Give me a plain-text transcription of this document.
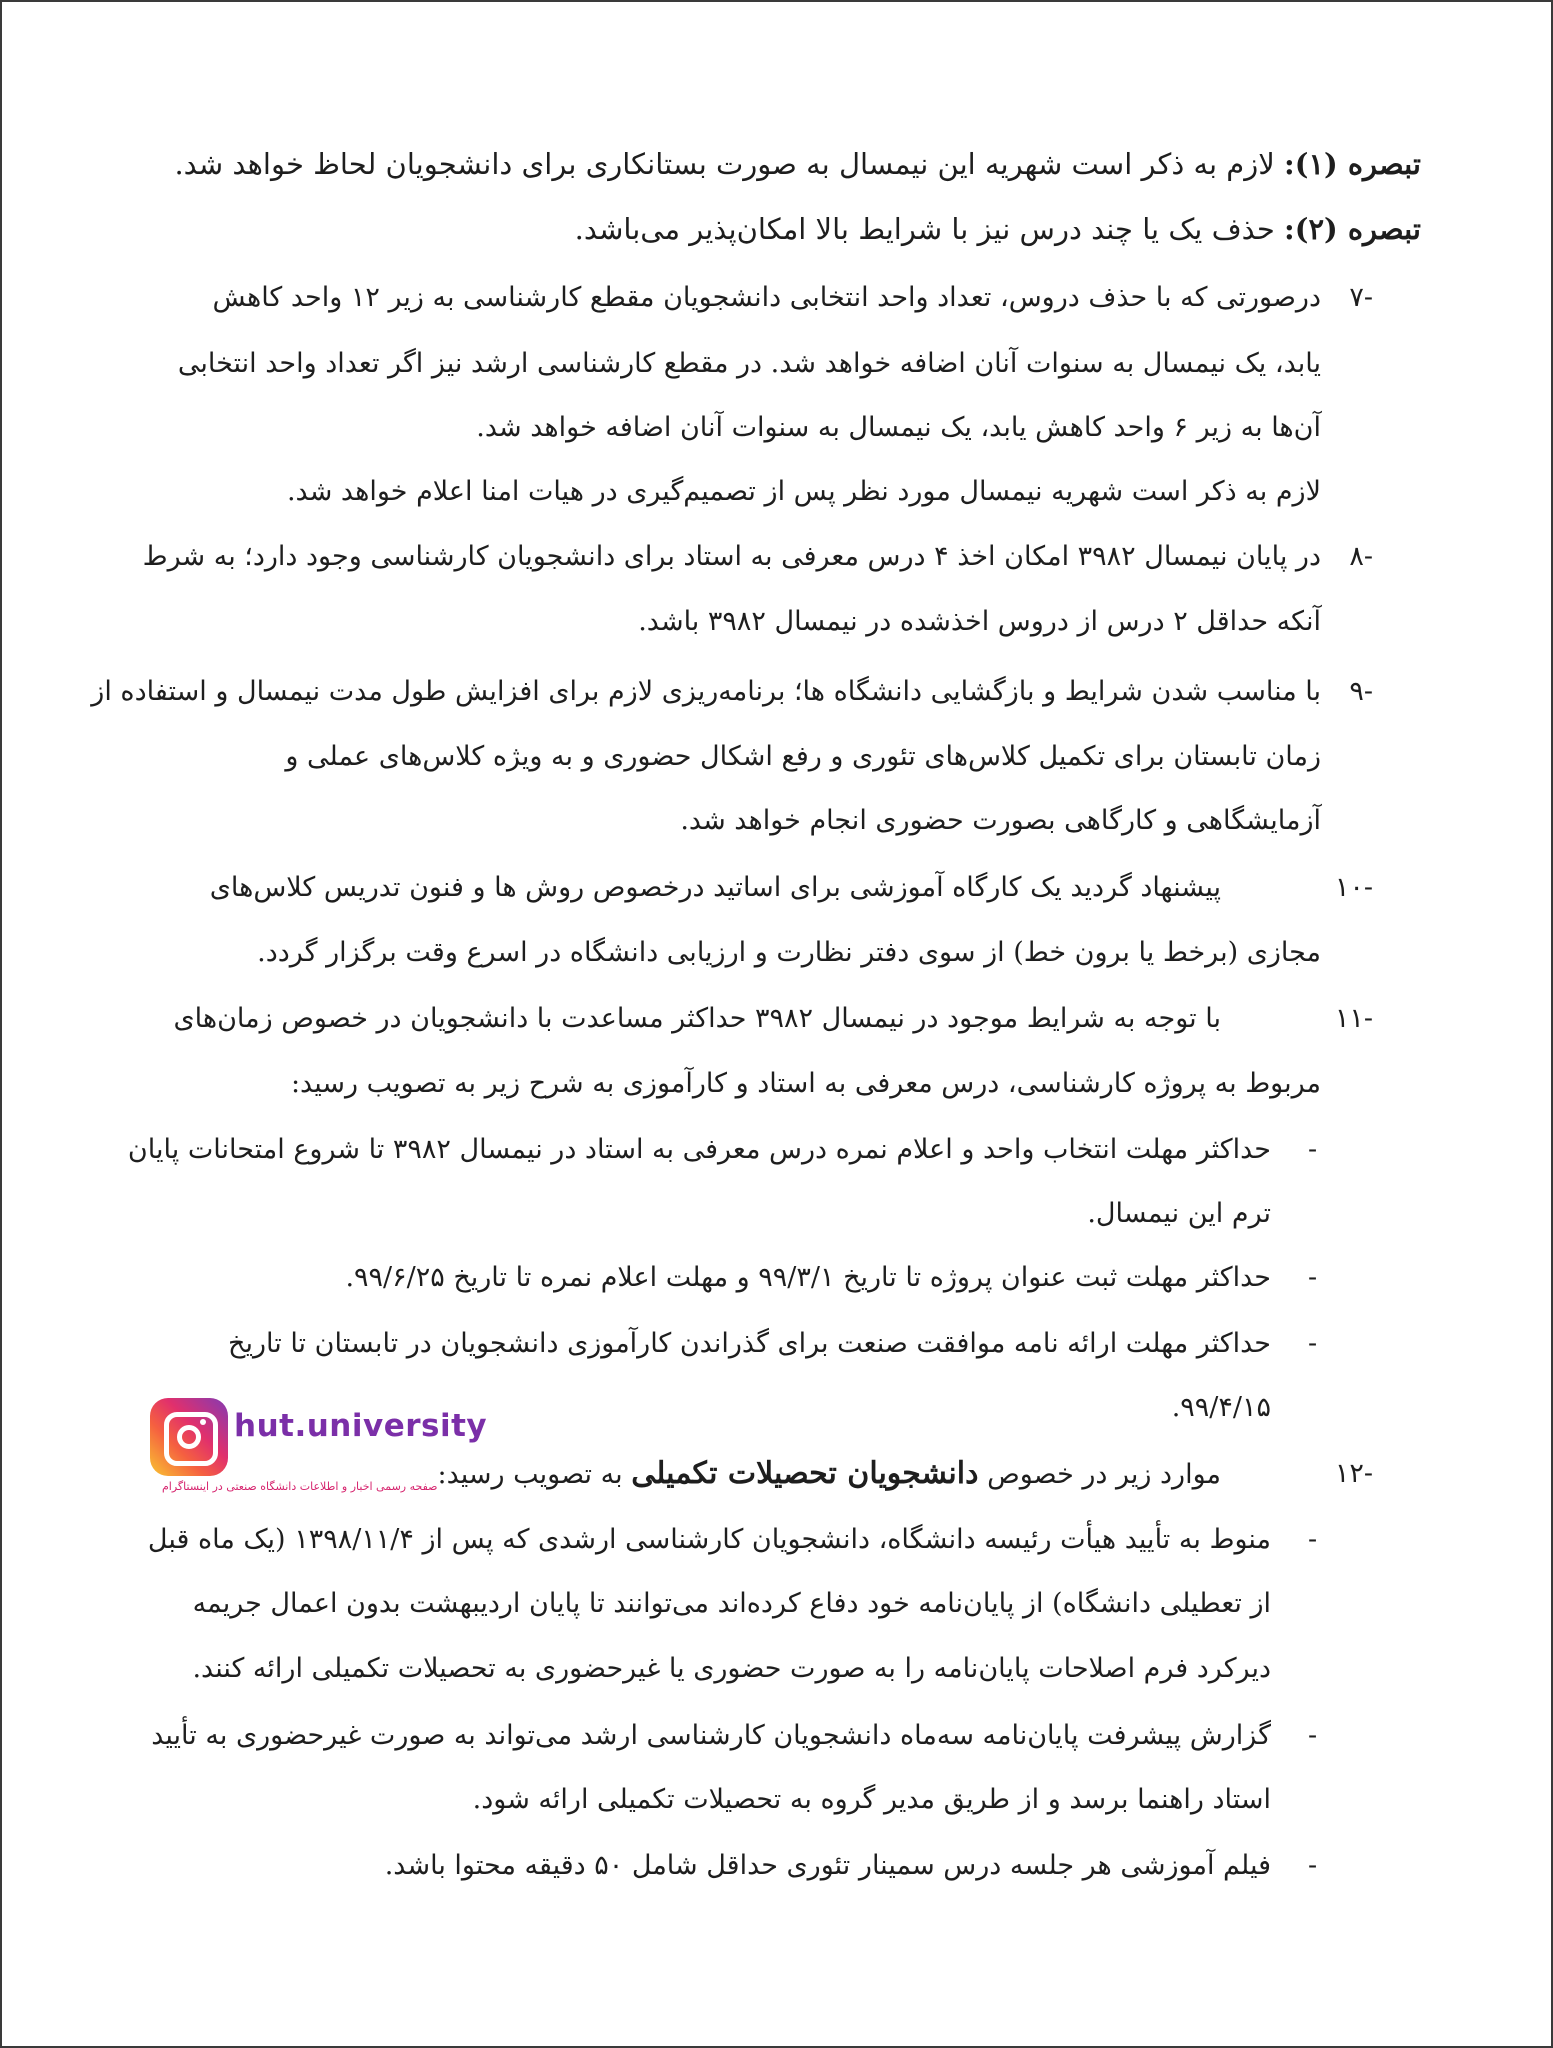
تبصره (۱): لازم به ذکر است شهریه این نیمسال به صورت بستانکاری برای دانشجویان لحاظ خواهد شد.
تبصره (۲): حذف یک یا چند درس نیز با شرایط بالا امکان‌پذیر می‌باشد.
-۷
درصورتی که با حذف دروس، تعداد واحد انتخابی دانشجویان مقطع کارشناسی به زیر ۱۲ واحد کاهش
یابد، یک نیمسال به سنوات آنان اضافه خواهد شد. در مقطع کارشناسی ارشد نیز اگر تعداد واحد انتخابی
آن‌ها به زیر ۶ واحد کاهش یابد، یک نیمسال به سنوات آنان اضافه خواهد شد.
لازم به ذکر است شهریه نیمسال مورد نظر پس از تصمیم‌گیری در هیات امنا اعلام خواهد شد.
-۸
در پایان نیمسال ۳۹۸۲ امکان اخذ ۴ درس معرفی به استاد برای دانشجویان کارشناسی وجود دارد؛ به شرط
آنکه حداقل ۲ درس از دروس اخذشده در نیمسال ۳۹۸۲ باشد.
-۹
با مناسب شدن شرایط و بازگشایی دانشگاه ها؛ برنامه‌ریزی لازم برای افزایش طول مدت نیمسال و استفاده از
زمان تابستان برای تکمیل کلاس‌های تئوری و رفع اشکال حضوری و به ویژه کلاس‌های عملی و
آزمایشگاهی و کارگاهی بصورت حضوری انجام خواهد شد.
-۱۰
پیشنهاد گردید یک کارگاه آموزشی برای اساتید درخصوص روش ها و فنون تدریس کلاس‌های
مجازی (برخط یا برون خط) از سوی دفتر نظارت و ارزیابی دانشگاه در اسرع وقت برگزار گردد.
-۱۱
با توجه به شرایط موجود در نیمسال ۳۹۸۲ حداکثر مساعدت با دانشجویان در خصوص زمان‌های
مربوط به پروژه کارشناسی، درس معرفی به استاد و کارآموزی به شرح زیر به تصویب رسید:
-
حداکثر مهلت انتخاب واحد و اعلام نمره درس معرفی به استاد در نیمسال ۳۹۸۲ تا شروع امتحانات پایان
ترم این نیمسال.
-
حداکثر مهلت ثبت عنوان پروژه تا تاریخ ۹۹/۳/۱ و مهلت اعلام نمره تا تاریخ ۹۹/۶/۲۵.
-
حداکثر مهلت ارائه نامه موافقت صنعت برای گذراندن کارآموزی دانشجویان در تابستان تا تاریخ
۹۹/۴/۱۵.
-۱۲
موارد زیر در خصوص دانشجویان تحصیلات تکمیلی به تصویب رسید:
-
منوط به تأیید هیأت رئیسه دانشگاه، دانشجویان کارشناسی ارشدی که پس از ۱۳۹۸/۱۱/۴ (یک ماه قبل
از تعطیلی دانشگاه) از پایان‌نامه خود دفاع کرده‌اند می‌توانند تا پایان اردیبهشت بدون اعمال جریمه
دیرکرد فرم اصلاحات پایان‌نامه را به صورت حضوری یا غیرحضوری به تحصیلات تکمیلی ارائه کنند.
-
گزارش پیشرفت پایان‌نامه سه‌ماه دانشجویان کارشناسی ارشد می‌تواند به صورت غیرحضوری به تأیید
استاد راهنما برسد و از طریق مدیر گروه به تحصیلات تکمیلی ارائه شود.
-
فیلم آموزشی هر جلسه درس سمینار تئوری حداقل شامل ۵۰ دقیقه محتوا باشد.
hut.university
صفحه رسمی اخبار و اطلاعات دانشگاه صنعتی در اینستاگرام
